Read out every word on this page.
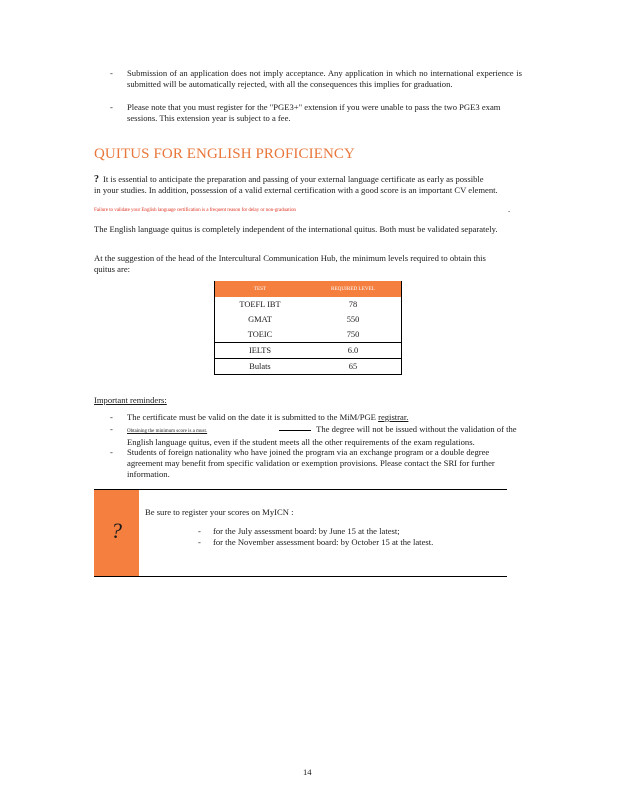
- Submission of an application does not imply acceptance. Any application in which no international experience is submitted will be automatically rejected, with all the consequences this implies for graduation.
- Please note that you must register for the "PGE3+" extension if you were unable to pass the two PGE3 exam sessions. This extension year is subject to a fee.
QUITUS FOR ENGLISH PROFICIENCY
? It is essential to anticipate the preparation and passing of your external language certificate as early as possible
in your studies. In addition, possession of a valid external certification with a good score is an important CV element.
Failure to validate your English language certification is a frequent reason for delay or non-graduation	.
The English language quitus is completely independent of the international quitus. Both must be validated separately.
At the suggestion of the head of the Intercultural Communication Hub, the minimum levels required to obtain this
quitus are:
TEST	REQUIRED LEVEL
TOEFL IBT	78
GMAT	550
TOEIC	750
IELTS	6.0
Bulats	65
Important reminders:
- The certificate must be valid on the date it is submitted to the MiM/PGE registrar.
-	Obtaining the minimum score is a must.	The degree will not be issued without the validation of the
English language quitus, even if the student meets all the other requirements of the exam regulations.
- Students of foreign nationality who have joined the program via an exchange program or a double degree
agreement may benefit from specific validation or exemption provisions. Please contact the SRI for further
information.
?
Be sure to register your scores on MyICN :
- for the July assessment board: by June 15 at the latest;
- for the November assessment board: by October 15 at the latest.
14
